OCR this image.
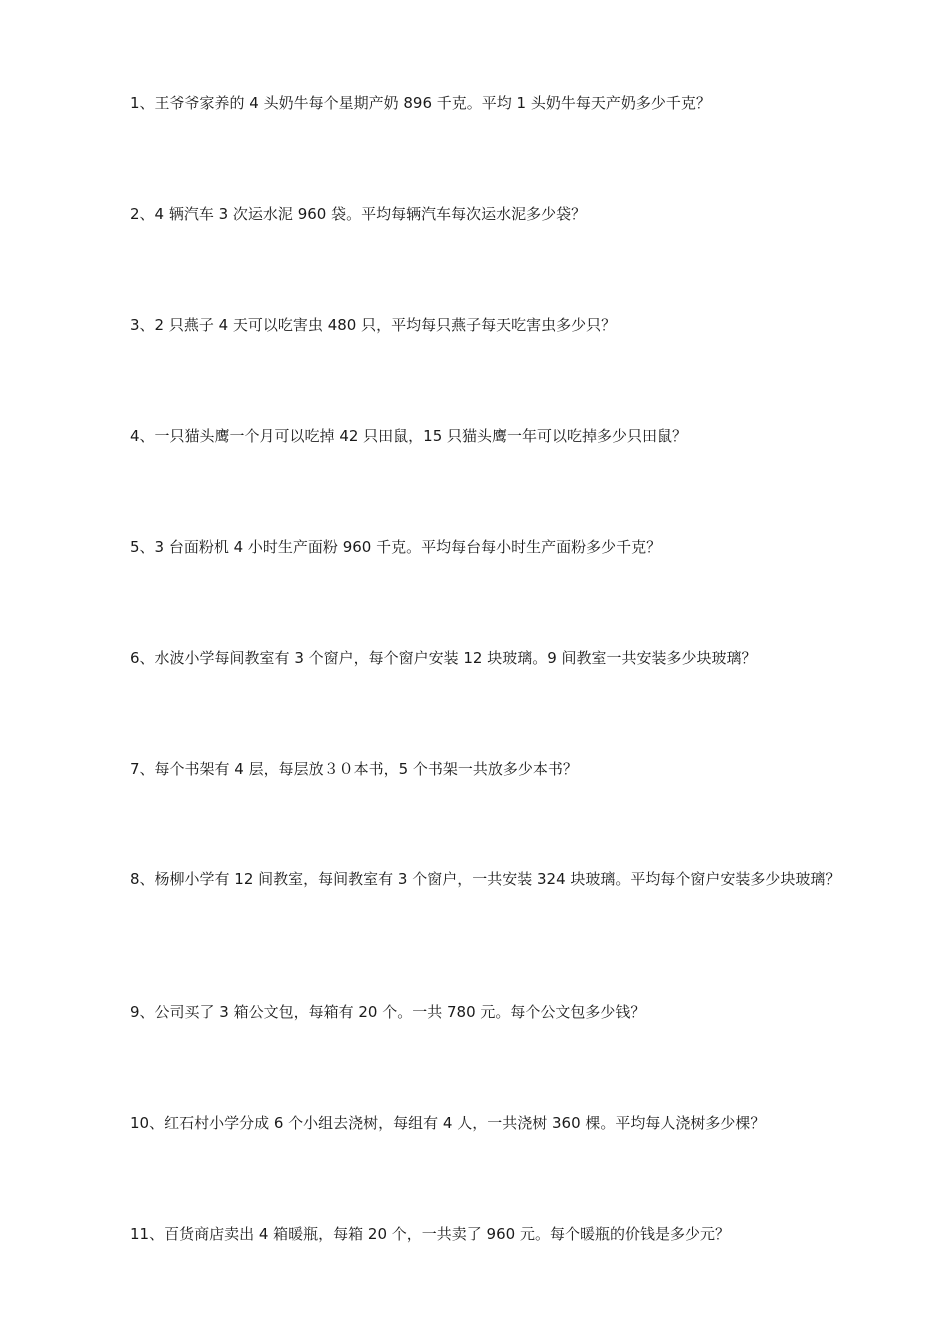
1、王爷爷家养的 4 头奶牛每个星期产奶 896 千克。平均 1 头奶牛每天产奶多少千克？

2、4 辆汽车 3 次运水泥 960 袋。平均每辆汽车每次运水泥多少袋？

3、2 只燕子 4 天可以吃害虫 480 只，平均每只燕子每天吃害虫多少只？

4、一只猫头鹰一个月可以吃掉 42 只田鼠，15 只猫头鹰一年可以吃掉多少只田鼠？

5、3 台面粉机 4 小时生产面粉 960 千克。平均每台每小时生产面粉多少千克？

6、水波小学每间教室有 3 个窗户，每个窗户安装 12 块玻璃。9 间教室一共安装多少块玻璃？

7、每个书架有 4 层，每层放３０本书，5 个书架一共放多少本书？

8、杨柳小学有 12 间教室，每间教室有 3 个窗户，一共安装 324 块玻璃。平均每个窗户安装多少块玻璃？

9、公司买了 3 箱公文包，每箱有 20 个。一共 780 元。每个公文包多少钱？

10、红石村小学分成 6 个小组去浇树，每组有 4 人，一共浇树 360 棵。平均每人浇树多少棵？

11、百货商店卖出 4 箱暖瓶，每箱 20 个，一共卖了 960 元。每个暖瓶的价钱是多少元？
